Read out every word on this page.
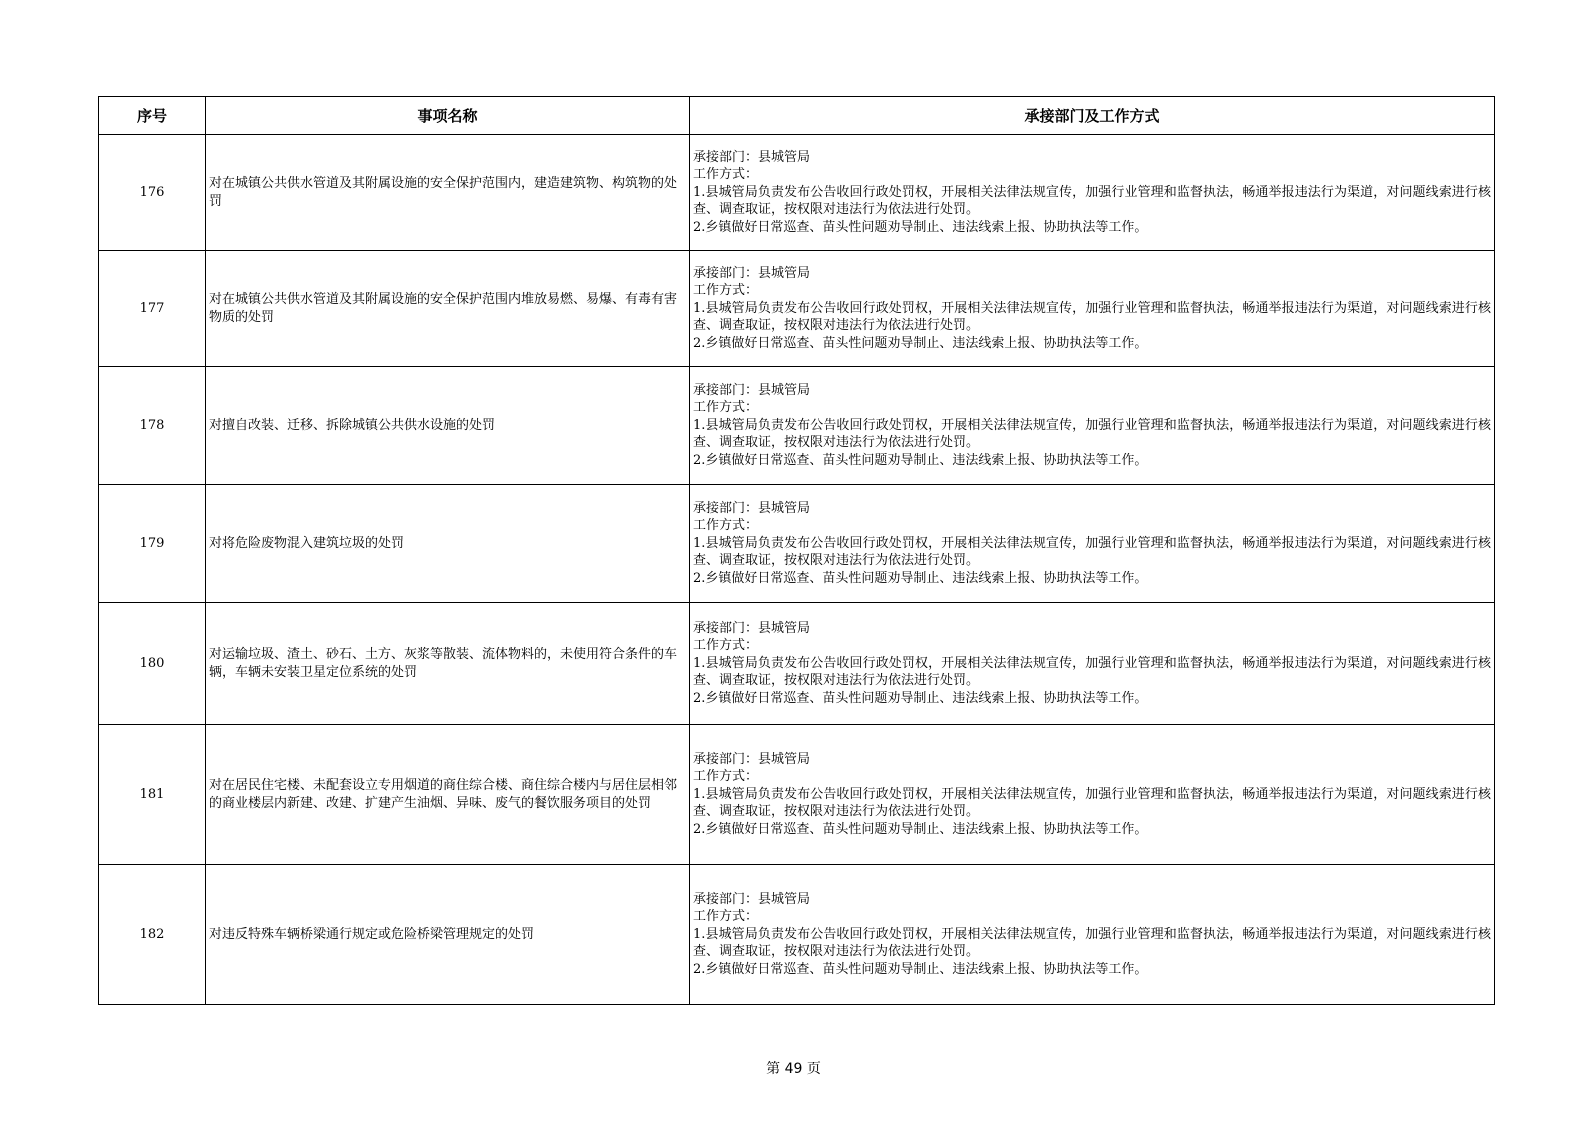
序号	事项名称	承接部门及工作方式
176	对在城镇公共供水管道及其附属设施的安全保护范围内，建造建筑物、构筑物的处罚	承接部门：县城管局
工作方式：
1.县城管局负责发布公告收回行政处罚权，开展相关法律法规宣传，加强行业管理和监督执法，畅通举报违法行为渠道，对问题线索进行核查、调查取证，按权限对违法行为依法进行处罚。
2.乡镇做好日常巡查、苗头性问题劝导制止、违法线索上报、协助执法等工作。

177	对在城镇公共供水管道及其附属设施的安全保护范围内堆放易燃、易爆、有毒有害物质的处罚	承接部门：县城管局
工作方式：
1.县城管局负责发布公告收回行政处罚权，开展相关法律法规宣传，加强行业管理和监督执法，畅通举报违法行为渠道，对问题线索进行核查、调查取证，按权限对违法行为依法进行处罚。
2.乡镇做好日常巡查、苗头性问题劝导制止、违法线索上报、协助执法等工作。

178	对擅自改装、迁移、拆除城镇公共供水设施的处罚	承接部门：县城管局
工作方式：
1.县城管局负责发布公告收回行政处罚权，开展相关法律法规宣传，加强行业管理和监督执法，畅通举报违法行为渠道，对问题线索进行核查、调查取证，按权限对违法行为依法进行处罚。
2.乡镇做好日常巡查、苗头性问题劝导制止、违法线索上报、协助执法等工作。

179	对将危险废物混入建筑垃圾的处罚	承接部门：县城管局
工作方式：
1.县城管局负责发布公告收回行政处罚权，开展相关法律法规宣传，加强行业管理和监督执法，畅通举报违法行为渠道，对问题线索进行核查、调查取证，按权限对违法行为依法进行处罚。
2.乡镇做好日常巡查、苗头性问题劝导制止、违法线索上报、协助执法等工作。

180	对运输垃圾、渣土、砂石、土方、灰浆等散装、流体物料的，未使用符合条件的车辆，车辆未安装卫星定位系统的处罚	承接部门：县城管局
工作方式：
1.县城管局负责发布公告收回行政处罚权，开展相关法律法规宣传，加强行业管理和监督执法，畅通举报违法行为渠道，对问题线索进行核查、调查取证，按权限对违法行为依法进行处罚。
2.乡镇做好日常巡查、苗头性问题劝导制止、违法线索上报、协助执法等工作。

181	对在居民住宅楼、未配套设立专用烟道的商住综合楼、商住综合楼内与居住层相邻的商业楼层内新建、改建、扩建产生油烟、异味、废气的餐饮服务项目的处罚	承接部门：县城管局
工作方式：
1.县城管局负责发布公告收回行政处罚权，开展相关法律法规宣传，加强行业管理和监督执法，畅通举报违法行为渠道，对问题线索进行核查、调查取证，按权限对违法行为依法进行处罚。
2.乡镇做好日常巡查、苗头性问题劝导制止、违法线索上报、协助执法等工作。

182	对违反特殊车辆桥梁通行规定或危险桥梁管理规定的处罚	承接部门：县城管局
工作方式：
1.县城管局负责发布公告收回行政处罚权，开展相关法律法规宣传，加强行业管理和监督执法，畅通举报违法行为渠道，对问题线索进行核查、调查取证，按权限对违法行为依法进行处罚。
2.乡镇做好日常巡查、苗头性问题劝导制止、违法线索上报、协助执法等工作。
第 49 页
